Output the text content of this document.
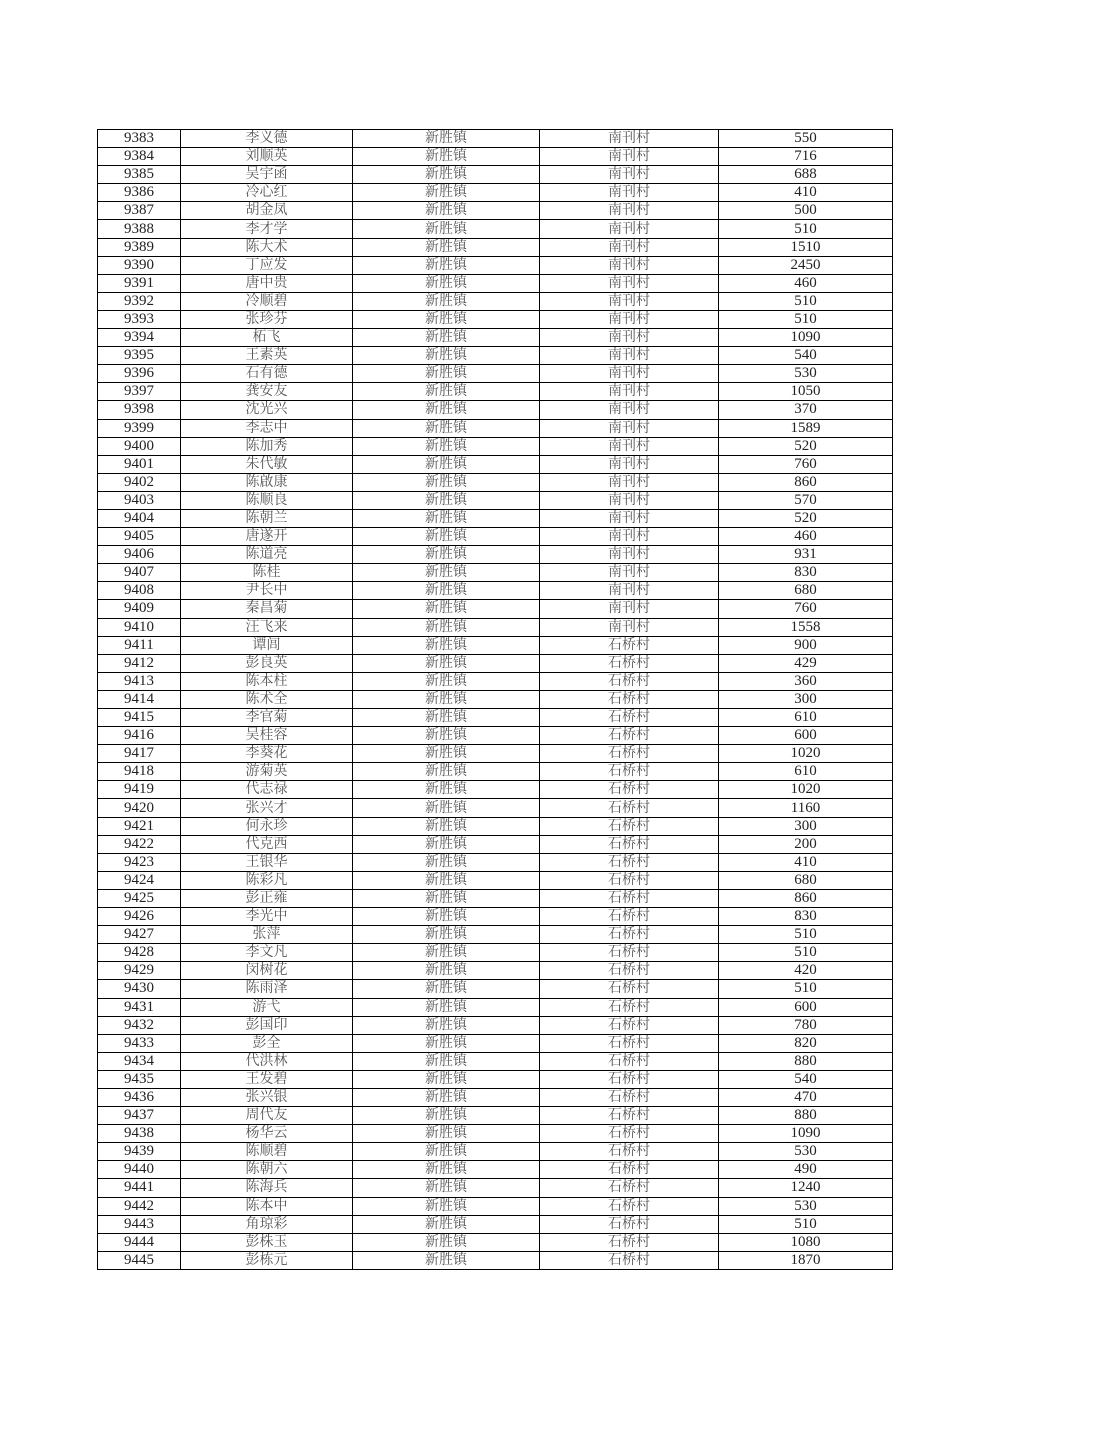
9383	李义德	新胜镇	南刊村	550
9384	刘顺英	新胜镇	南刊村	716
9385	吴宇函	新胜镇	南刊村	688
9386	冷心红	新胜镇	南刊村	410
9387	胡金凤	新胜镇	南刊村	500
9388	李才学	新胜镇	南刊村	510
9389	陈大术	新胜镇	南刊村	1510
9390	丁应发	新胜镇	南刊村	2450
9391	唐中贵	新胜镇	南刊村	460
9392	冷顺碧	新胜镇	南刊村	510
9393	张珍芬	新胜镇	南刊村	510
9394	柘飞	新胜镇	南刊村	1090
9395	王素英	新胜镇	南刊村	540
9396	石有德	新胜镇	南刊村	530
9397	龚安友	新胜镇	南刊村	1050
9398	沈光兴	新胜镇	南刊村	370
9399	李志中	新胜镇	南刊村	1589
9400	陈加秀	新胜镇	南刊村	520
9401	朱代敏	新胜镇	南刊村	760
9402	陈啟康	新胜镇	南刊村	860
9403	陈顺良	新胜镇	南刊村	570
9404	陈朝兰	新胜镇	南刊村	520
9405	唐遂开	新胜镇	南刊村	460
9406	陈道亮	新胜镇	南刊村	931
9407	陈桂	新胜镇	南刊村	830
9408	尹长中	新胜镇	南刊村	680
9409	秦昌菊	新胜镇	南刊村	760
9410	汪飞来	新胜镇	南刊村	1558
9411	谭闾	新胜镇	石桥村	900
9412	彭良英	新胜镇	石桥村	429
9413	陈本柱	新胜镇	石桥村	360
9414	陈术全	新胜镇	石桥村	300
9415	李官菊	新胜镇	石桥村	610
9416	吴桂容	新胜镇	石桥村	600
9417	李葵花	新胜镇	石桥村	1020
9418	游菊英	新胜镇	石桥村	610
9419	代志禄	新胜镇	石桥村	1020
9420	张兴才	新胜镇	石桥村	1160
9421	何永珍	新胜镇	石桥村	300
9422	代克西	新胜镇	石桥村	200
9423	王银华	新胜镇	石桥村	410
9424	陈彩凡	新胜镇	石桥村	680
9425	彭正雍	新胜镇	石桥村	860
9426	李光中	新胜镇	石桥村	830
9427	张萍	新胜镇	石桥村	510
9428	李文凡	新胜镇	石桥村	510
9429	闵树花	新胜镇	石桥村	420
9430	陈雨泽	新胜镇	石桥村	510
9431	游弋	新胜镇	石桥村	600
9432	彭国印	新胜镇	石桥村	780
9433	彭全	新胜镇	石桥村	820
9434	代洪林	新胜镇	石桥村	880
9435	王发碧	新胜镇	石桥村	540
9436	张兴银	新胜镇	石桥村	470
9437	周代友	新胜镇	石桥村	880
9438	杨华云	新胜镇	石桥村	1090
9439	陈顺碧	新胜镇	石桥村	530
9440	陈朝六	新胜镇	石桥村	490
9441	陈海兵	新胜镇	石桥村	1240
9442	陈本中	新胜镇	石桥村	530
9443	角琼彩	新胜镇	石桥村	510
9444	彭株玉	新胜镇	石桥村	1080
9445	彭栋元	新胜镇	石桥村	1870
